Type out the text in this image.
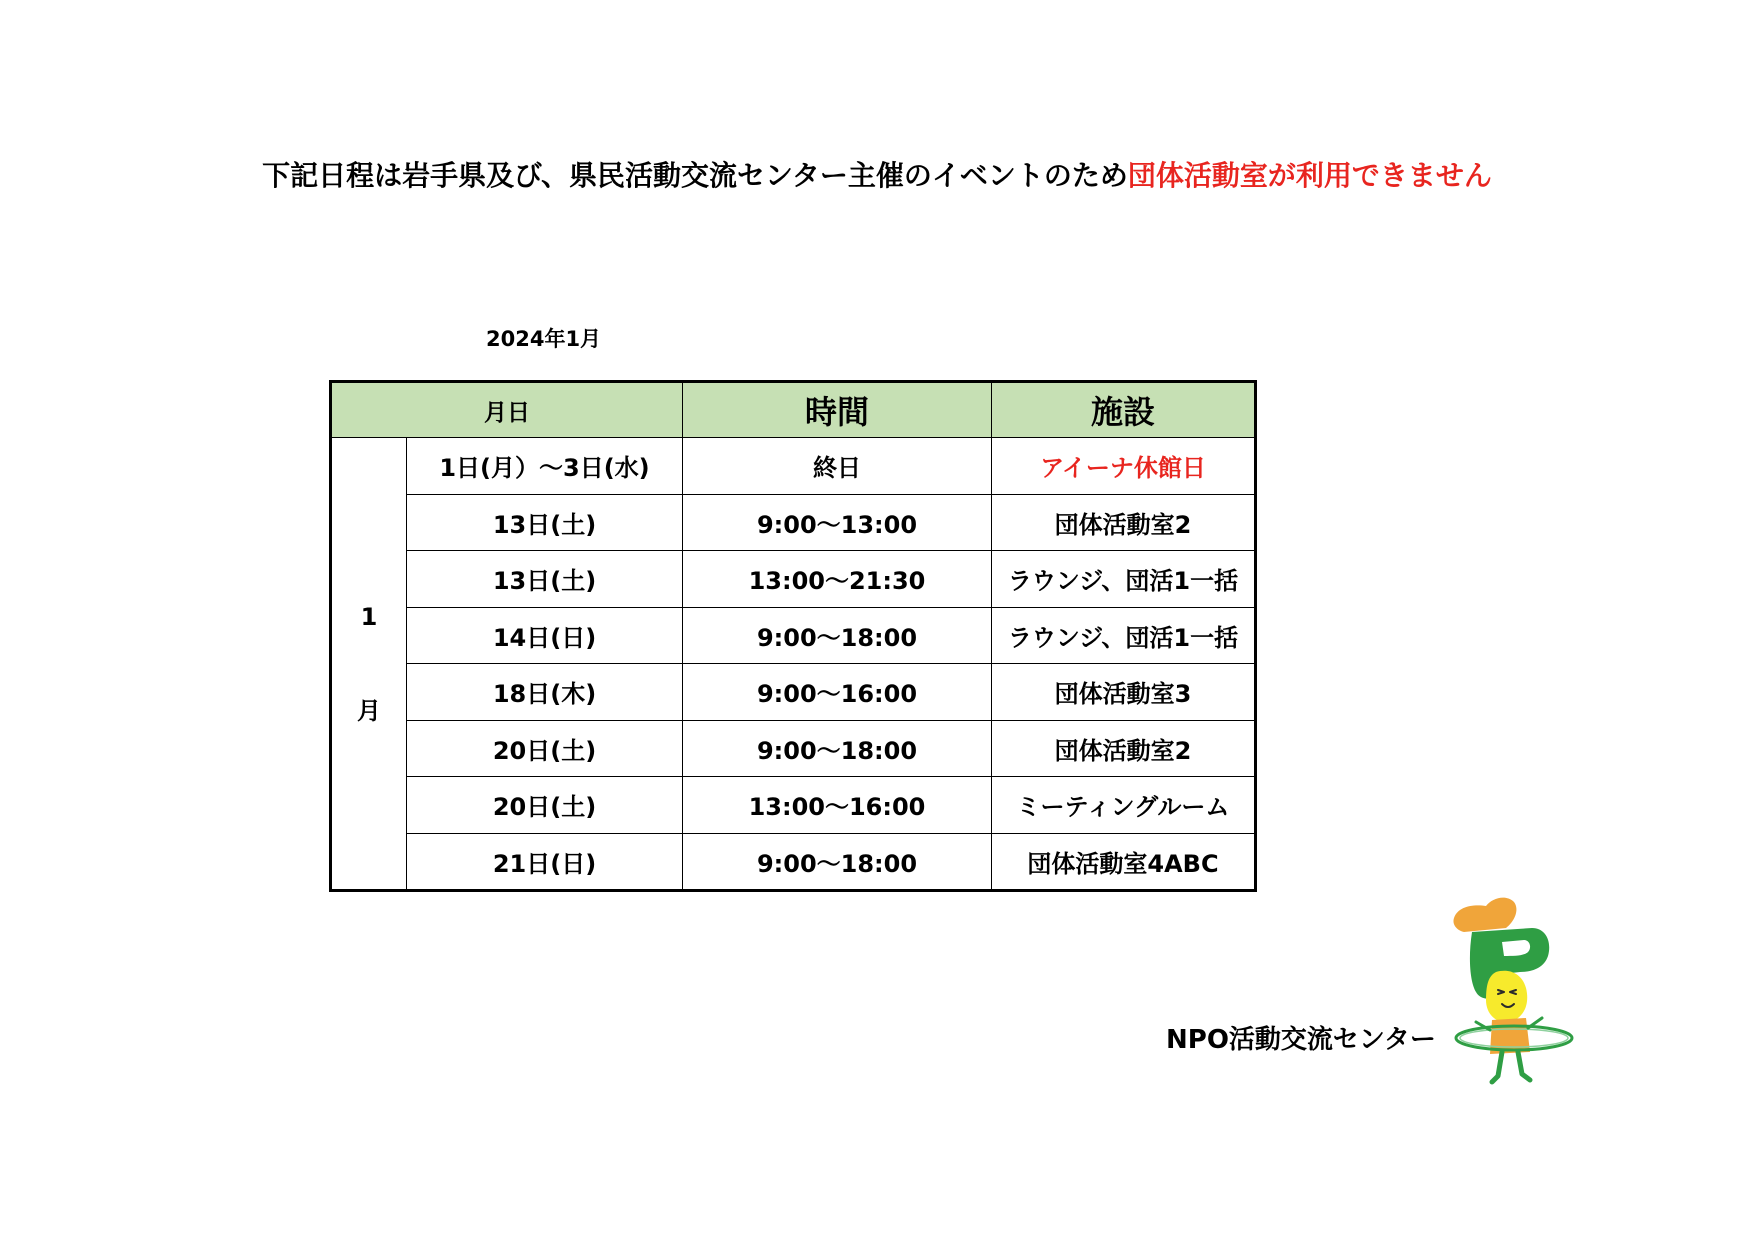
下記日程は岩手県及び、県民活動交流センター主催のイベントのため団体活動室が利用できません
2024年1月
月日		時間	施設

1
月	1日(月）～3日(水)	終日	アイーナ休館日
	13日(土)	9:00～13:00	団体活動室2
	13日(土)	13:00～21:30	ラウンジ、団活1一括
	14日(日)	9:00～18:00	ラウンジ、団活1一括
	18日(木)	9:00～16:00	団体活動室3
	20日(土)	9:00～18:00	団体活動室2
	20日(土)	13:00～16:00	ミーティングルーム
	21日(日)	9:00～18:00	団体活動室4ABC
NPO活動交流センター
